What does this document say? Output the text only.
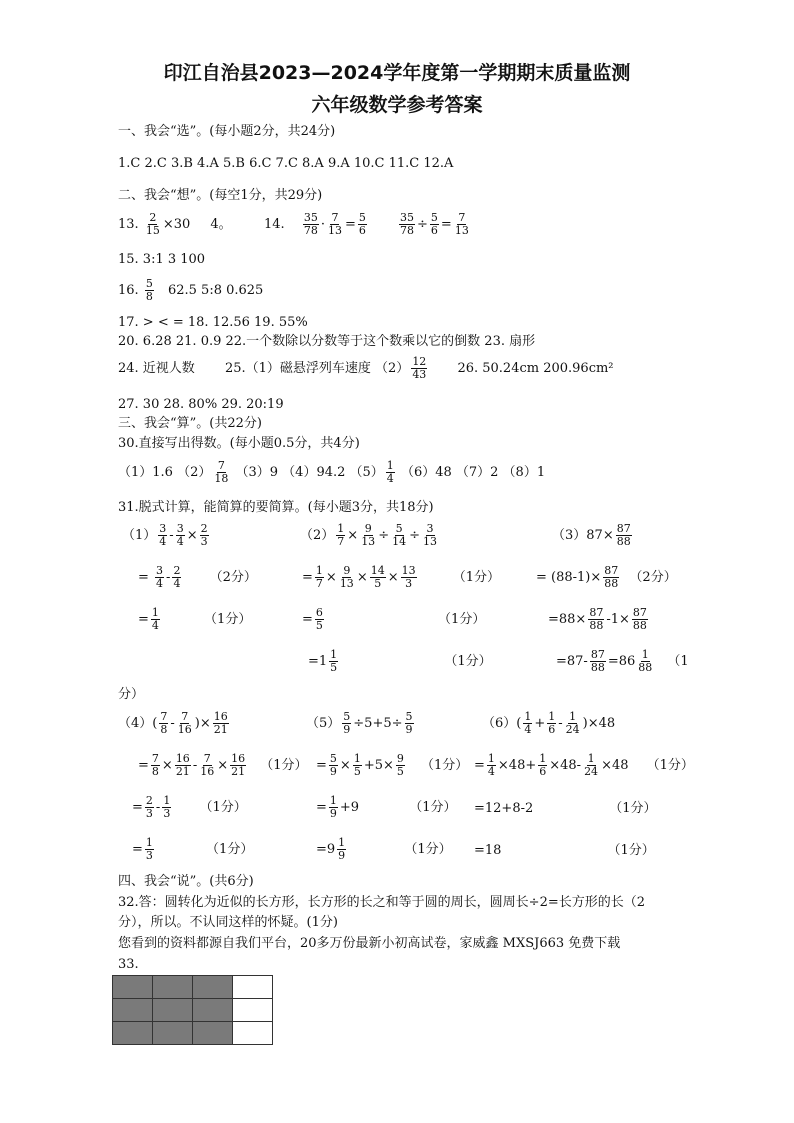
印江自治县2023—2024学年度第一学期期末质量监测
六年级数学参考答案
一、我会“选”。(每小题2分，共24分)
1.C 2.C 3.B 4.A 5.B 6.C 7.C 8.A 9.A 10.C 11.C 12.A
二、我会“想”。(每空1分，共29分)
13. $\frac{2}{15} \times 30$ 4。 14. $\frac{35}{78} \cdot \frac{7}{13} = \frac{5}{6}$
	$\frac{35}{78} \div \frac{5}{6} = \frac{7}{13}$
15. 3:1 3 100
16. $\frac{5}{8} 62.5$ 5:8 0.625
17. > < = 18. 12.56 19. 55%
20. 6.28 21. 0.9 22.一个数除以分数等于这个数乘以它的倒数 23. 扇形
24. 近视人数 25.（1）磁悬浮列车速度 $(2) \frac{12}{43} 26$. 50.24cm 200.96cm²
27. 30 28. 80% 29. 20:19
三、我会“算”。(共22分)
30.直接写出得数。(每小题0.5分，共4分)
（1）1.6 $(2) \frac{7}{18} (3)9$ （4）94.2 $(5) \frac{1}{4} (6)48$ （7）2 （8）1
31.脱式计算，能简算的要简算。(每小题3分，共18分)
$(1) \frac{3}{4} - \frac{3}{4} \times \frac{2}{3}$
= $\frac{3}{4} - \frac{2}{4} (2$分）
= $\frac{1}{4}$	（1分）
$(2) \frac{1}{7} \times \frac{9}{13} \div \frac{5}{14} \div \frac{3}{13}$
= $\frac{1}{7} \times \frac{9}{13} \times \frac{14}{5} \times \frac{13}{3}$	（1分）
= $\frac{6}{5}$	（1分）
$=1 \frac{1}{5}$	（1分）
$(3)87\times \frac{87}{88}$
= $(88-1)\times \frac{87}{88} (2$分）
$=88\times \frac{87}{88} -1\times \frac{87}{88}$
$=87- \frac{87}{88} =86 \frac{1}{88} (1$
分）
$(4)( \frac{7}{8} - \frac{7}{16}$ )× $\frac{16}{21}$
= $\frac{7}{8} \times \frac{16}{21} - \frac{7}{16} \times \frac{16}{21} (1$分）
= $\frac{2}{3} - \frac{1}{3} (1$分）
= $\frac{1}{3}$	（1分）
$(5) \frac{5}{9} \div 5+5\div \frac{5}{9}$
= $\frac{5}{9} \times \frac{1}{5} +5\times \frac{9}{5} (1$分）
= $\frac{1}{9} +9$	（1分）
$=9 \frac{1}{9}$	（1分）
$(6)( \frac{1}{4} + \frac{1}{6} - \frac{1}{24} )\times 48$
= $\frac{1}{4} \times 48+ \frac{1}{6} \times 48- \frac{1}{24} \times 48$ （1分）
=12+8-2	（1分）
=18	（1分）
四、我会“说”。(共6分)
32.答：圆转化为近似的长方形，长方形的长之和等于圆的周长，圆周长÷2=长方形的长（2
分），所以。不认同这样的怀疑。(1分)
您看到的资料都源自我们平台，20多万份最新小初高试卷，家威鑫 MXSJ663 免费下载
33.
